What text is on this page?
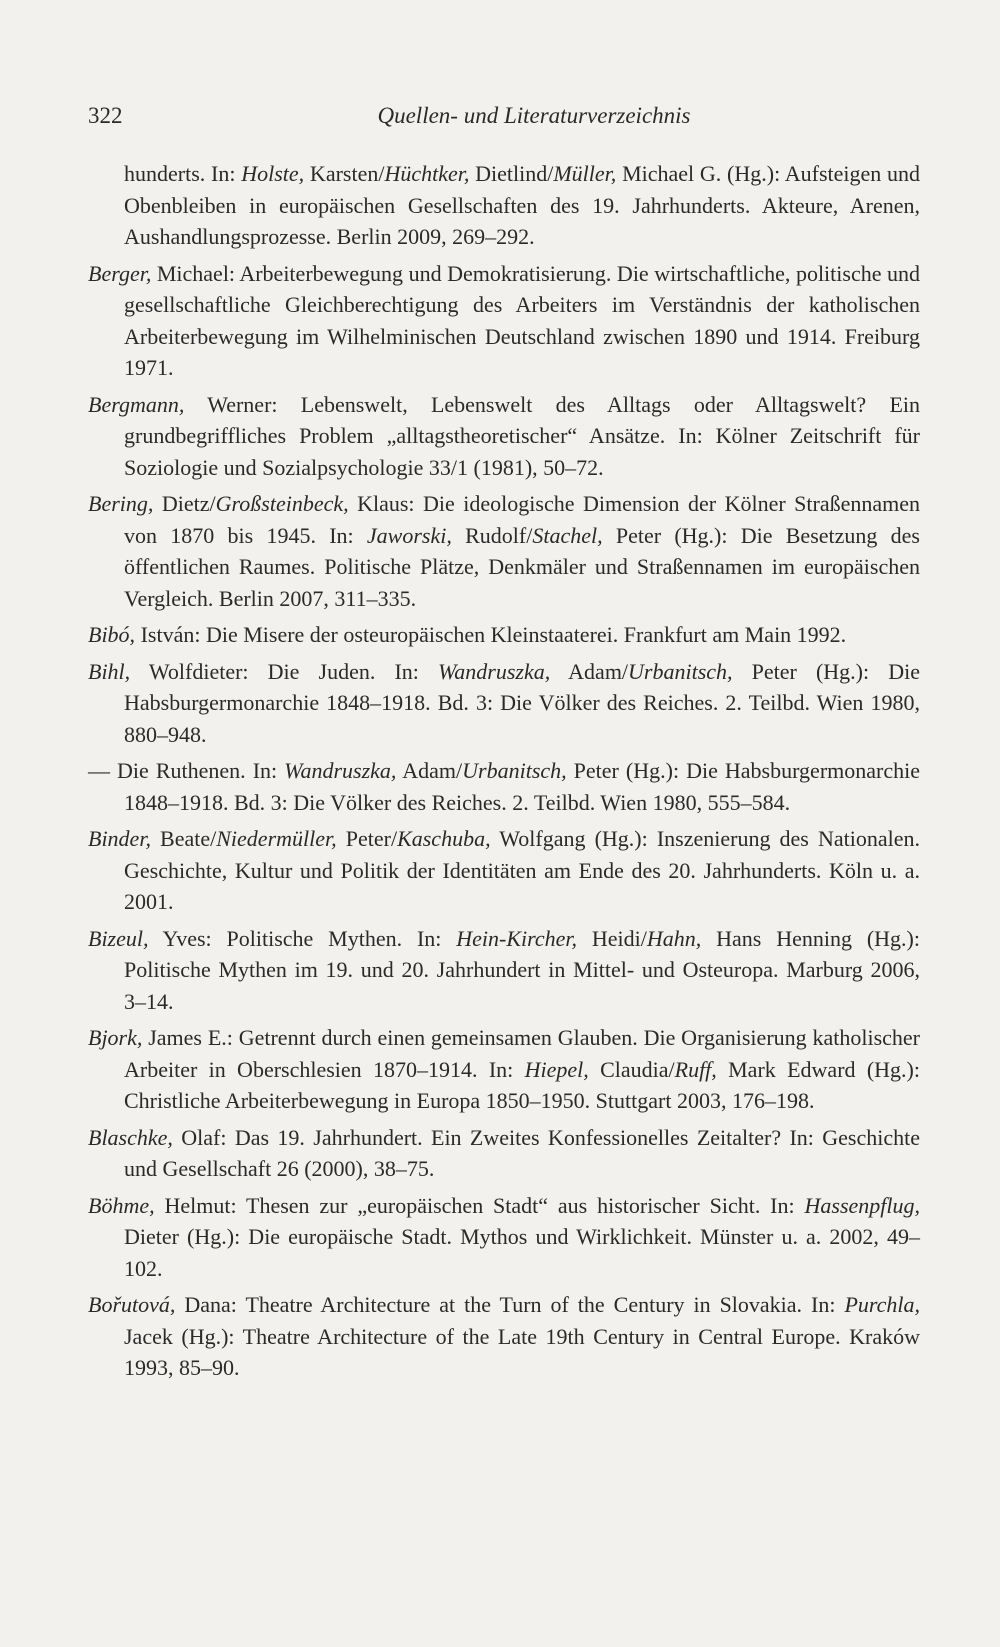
322	Quellen- und Literaturverzeichnis

hunderts. In: Holste, Karsten/Hüchtker, Dietlind/Müller, Michael G. (Hg.): Aufsteigen und Obenbleiben in europäischen Gesellschaften des 19. Jahrhunderts. Akteure, Arenen, Aushandlungsprozesse. Berlin 2009, 269–292.

Berger, Michael: Arbeiterbewegung und Demokratisierung. Die wirtschaftliche, politische und gesellschaftliche Gleichberechtigung des Arbeiters im Verständnis der katholischen Arbeiterbewegung im Wilhelminischen Deutschland zwischen 1890 und 1914. Freiburg 1971.

Bergmann, Werner: Lebenswelt, Lebenswelt des Alltags oder Alltagswelt? Ein grundbegriffliches Problem „alltagstheoretischer“ Ansätze. In: Kölner Zeitschrift für Soziologie und Sozialpsychologie 33/1 (1981), 50–72.

Bering, Dietz/Großsteinbeck, Klaus: Die ideologische Dimension der Kölner Straßennamen von 1870 bis 1945. In: Jaworski, Rudolf/Stachel, Peter (Hg.): Die Besetzung des öffentlichen Raumes. Politische Plätze, Denkmäler und Straßennamen im europäischen Vergleich. Berlin 2007, 311–335.

Bibó, István: Die Misere der osteuropäischen Kleinstaaterei. Frankfurt am Main 1992.

Bihl, Wolfdieter: Die Juden. In: Wandruszka, Adam/Urbanitsch, Peter (Hg.): Die Habsburgermonarchie 1848–1918. Bd. 3: Die Völker des Reiches. 2. Teilbd. Wien 1980, 880–948.

— Die Ruthenen. In: Wandruszka, Adam/Urbanitsch, Peter (Hg.): Die Habsburgermonarchie 1848–1918. Bd. 3: Die Völker des Reiches. 2. Teilbd. Wien 1980, 555–584.

Binder, Beate/Niedermüller, Peter/Kaschuba, Wolfgang (Hg.): Inszenierung des Nationalen. Geschichte, Kultur und Politik der Identitäten am Ende des 20. Jahrhunderts. Köln u. a. 2001.

Bizeul, Yves: Politische Mythen. In: Hein-Kircher, Heidi/Hahn, Hans Henning (Hg.): Politische Mythen im 19. und 20. Jahrhundert in Mittel- und Osteuropa. Marburg 2006, 3–14.

Bjork, James E.: Getrennt durch einen gemeinsamen Glauben. Die Organisierung katholischer Arbeiter in Oberschlesien 1870–1914. In: Hiepel, Claudia/Ruff, Mark Edward (Hg.): Christliche Arbeiterbewegung in Europa 1850–1950. Stuttgart 2003, 176–198.

Blaschke, Olaf: Das 19. Jahrhundert. Ein Zweites Konfessionelles Zeitalter? In: Geschichte und Gesellschaft 26 (2000), 38–75.

Böhme, Helmut: Thesen zur „europäischen Stadt“ aus historischer Sicht. In: Hassenpflug, Dieter (Hg.): Die europäische Stadt. Mythos und Wirklichkeit. Münster u. a. 2002, 49–102.

Bořutová, Dana: Theatre Architecture at the Turn of the Century in Slovakia. In: Purchla, Jacek (Hg.): Theatre Architecture of the Late 19th Century in Central Europe. Kraków 1993, 85–90.
